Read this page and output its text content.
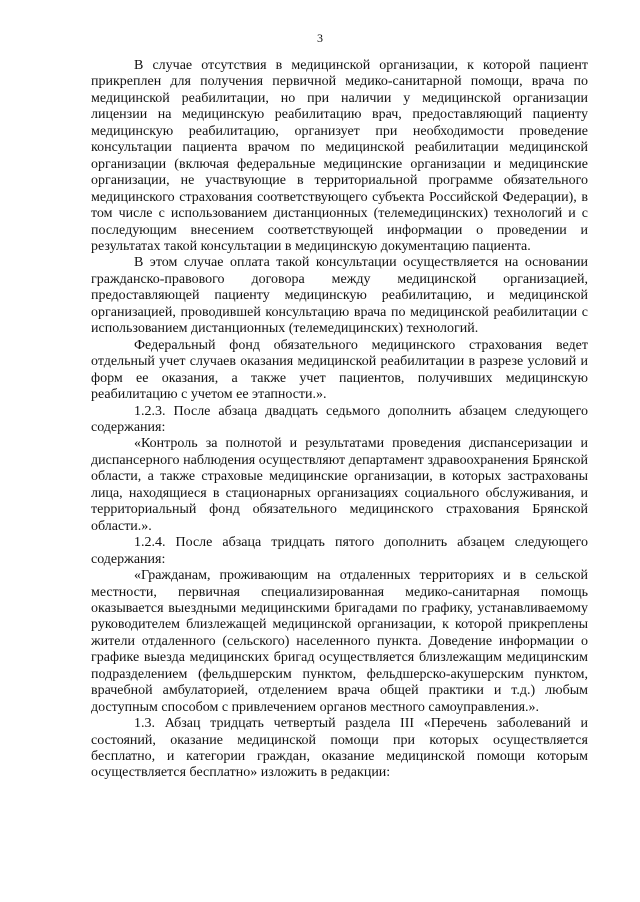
3

В случае отсутствия в медицинской организации, к которой пациент прикреплен для получения первичной медико-санитарной помощи, врача по медицинской реабилитации, но при наличии у медицинской организации лицензии на медицинскую реабилитацию врач, предоставляющий пациенту медицинскую реабилитацию, организует при необходимости проведение консультации пациента врачом по медицинской реабилитации медицинской организации (включая федеральные медицинские организации и медицинские организации, не участвующие в территориальной программе обязательного медицинского страхования соответствующего субъекта Российской Федерации), в том числе с использованием дистанционных (телемедицинских) технологий и с последующим внесением соответствующей информации о проведении и результатах такой консультации в медицинскую документацию пациента.

В этом случае оплата такой консультации осуществляется на основании гражданско-правового договора между медицинской организацией, предоставляющей пациенту медицинскую реабилитацию, и медицинской организацией, проводившей консультацию врача по медицинской реабилитации с использованием дистанционных (телемедицинских) технологий.

Федеральный фонд обязательного медицинского страхования ведет отдельный учет случаев оказания медицинской реабилитации в разрезе условий и форм ее оказания, а также учет пациентов, получивших медицинскую реабилитацию с учетом ее этапности.».

1.2.3. После абзаца двадцать седьмого дополнить абзацем следующего содержания:

«Контроль за полнотой и результатами проведения диспансеризации и диспансерного наблюдения осуществляют департамент здравоохранения Брянской области, а также страховые медицинские организации, в которых застрахованы лица, находящиеся в стационарных организациях социального обслуживания, и территориальный фонд обязательного медицинского страхования Брянской области.».

1.2.4. После абзаца тридцать пятого дополнить абзацем следующего содержания:

«Гражданам, проживающим на отдаленных территориях и в сельской местности, первичная специализированная медико-санитарная помощь оказывается выездными медицинскими бригадами по графику, устанавливаемому руководителем близлежащей медицинской организации, к которой прикреплены жители отдаленного (сельского) населенного пункта. Доведение информации о графике выезда медицинских бригад осуществляется близлежащим медицинским подразделением (фельдшерским пунктом, фельдшерско-акушерским пунктом, врачебной амбулаторией, отделением врача общей практики и т.д.) любым доступным способом с привлечением органов местного самоуправления.».

1.3. Абзац тридцать четвертый раздела III «Перечень заболеваний и состояний, оказание медицинской помощи при которых осуществляется бесплатно, и категории граждан, оказание медицинской помощи которым осуществляется бесплатно» изложить в редакции:
